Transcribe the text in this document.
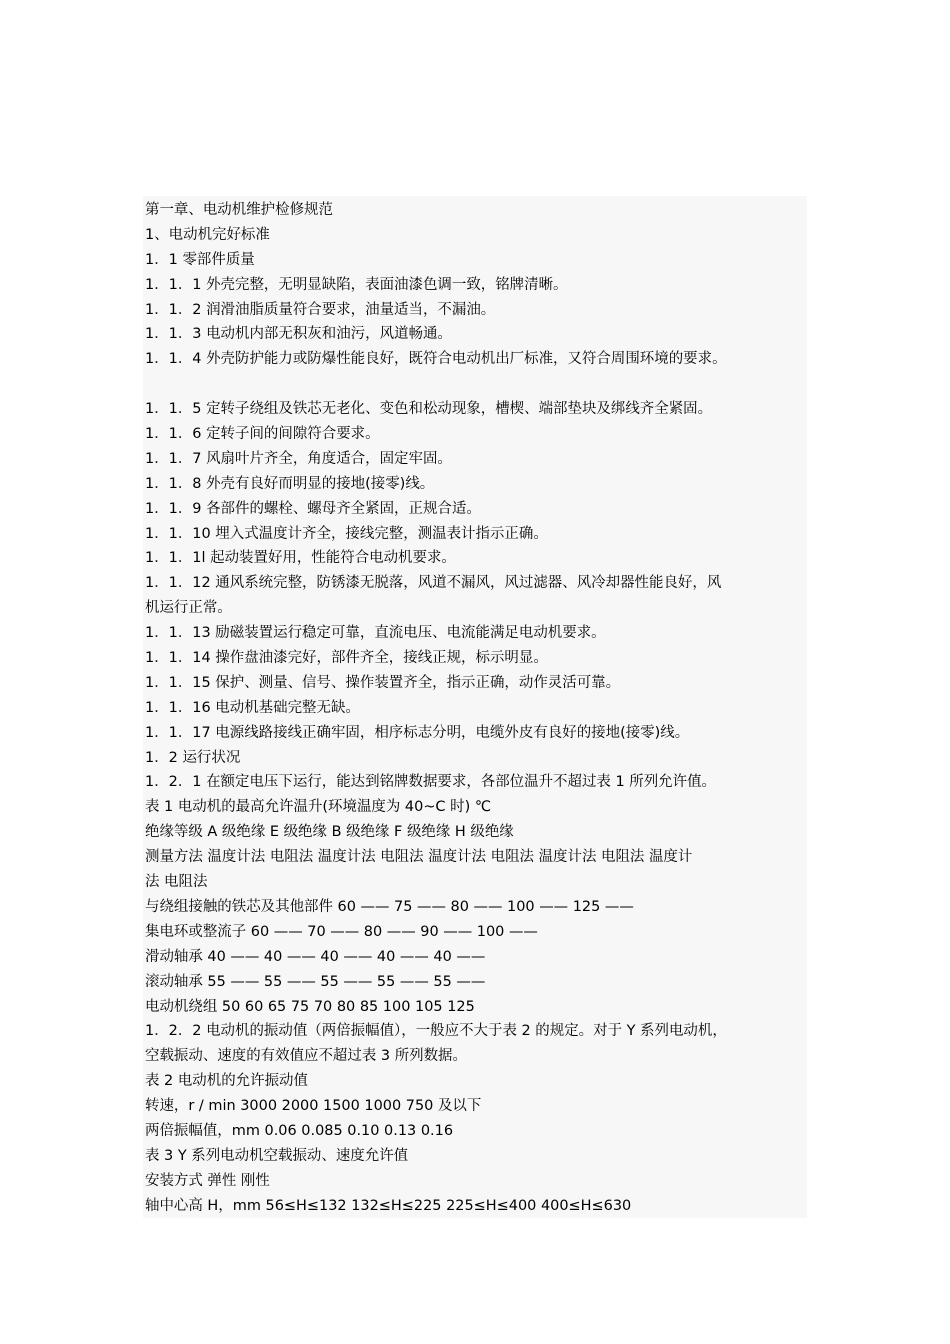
第一章、电动机维护检修规范
1、电动机完好标准
1．1 零部件质量
1．1．1 外壳完整，无明显缺陷，表面油漆色调一致，铭牌清晰。
1．1．2 润滑油脂质量符合要求，油量适当，不漏油。
1．1．3 电动机内部无积灰和油污，风道畅通。
1．1．4 外壳防护能力或防爆性能良好，既符合电动机出厂标准，又符合周围环境的要求。
1．1．5 定转子绕组及铁芯无老化、变色和松动现象，槽楔、端部垫块及绑线齐全紧固。
1．1．6 定转子间的间隙符合要求。
1．1．7 风扇叶片齐全，角度适合，固定牢固。
1．1．8 外壳有良好而明显的接地(接零)线。
1．1．9 各部件的螺栓、螺母齐全紧固，正规合适。
1．1．10 埋入式温度计齐全，接线完整，测温表计指示正确。
1．1．1l 起动装置好用，性能符合电动机要求。
1．1．12 通风系统完整，防锈漆无脱落，风道不漏风，风过滤器、风冷却器性能良好，风
机运行正常。
1．1．13 励磁装置运行稳定可靠，直流电压、电流能满足电动机要求。
1．1．14 操作盘油漆完好，部件齐全，接线正规，标示明显。
1．1．15 保护、测量、信号、操作装置齐全，指示正确，动作灵活可靠。
1．1．16 电动机基础完整无缺。
1．1．17 电源线路接线正确牢固，相序标志分明，电缆外皮有良好的接地(接零)线。
1．2 运行状况
1．2．1 在额定电压下运行，能达到铭牌数据要求，各部位温升不超过表 1 所列允许值。
表 1 电动机的最高允许温升(环境温度为 40~C 时) ℃
绝缘等级 A 级绝缘 E 级绝缘 B 级绝缘 F 级绝缘 H 级绝缘
测量方法 温度计法 电阻法 温度计法 电阻法 温度计法 电阻法 温度计法 电阻法 温度计
法 电阻法
与绕组接触的铁芯及其他部件 60 —— 75 —— 80 —— 100 —— 125 ——
集电环或整流子 60 —— 70 —— 80 —— 90 —— 100 ——
滑动轴承 40 —— 40 —— 40 —— 40 —— 40 ——
滚动轴承 55 —— 55 —— 55 —— 55 —— 55 ——
电动机绕组 50 60 65 75 70 80 85 100 105 125
1．2．2 电动机的振动值（两倍振幅值），一般应不大于表 2 的规定。对于 Y 系列电动机，
空载振动、速度的有效值应不超过表 3 所列数据。
表 2 电动机的允许振动值
转速，r / min 3000 2000 1500 1000 750 及以下
两倍振幅值，mm 0.06 0.085 0.10 0.13 0.16
表 3 Y 系列电动机空载振动、速度允许值
安装方式 弹性 刚性
轴中心高 H，mm 56≤H≤132 132≤H≤225 225≤H≤400 400≤H≤630
